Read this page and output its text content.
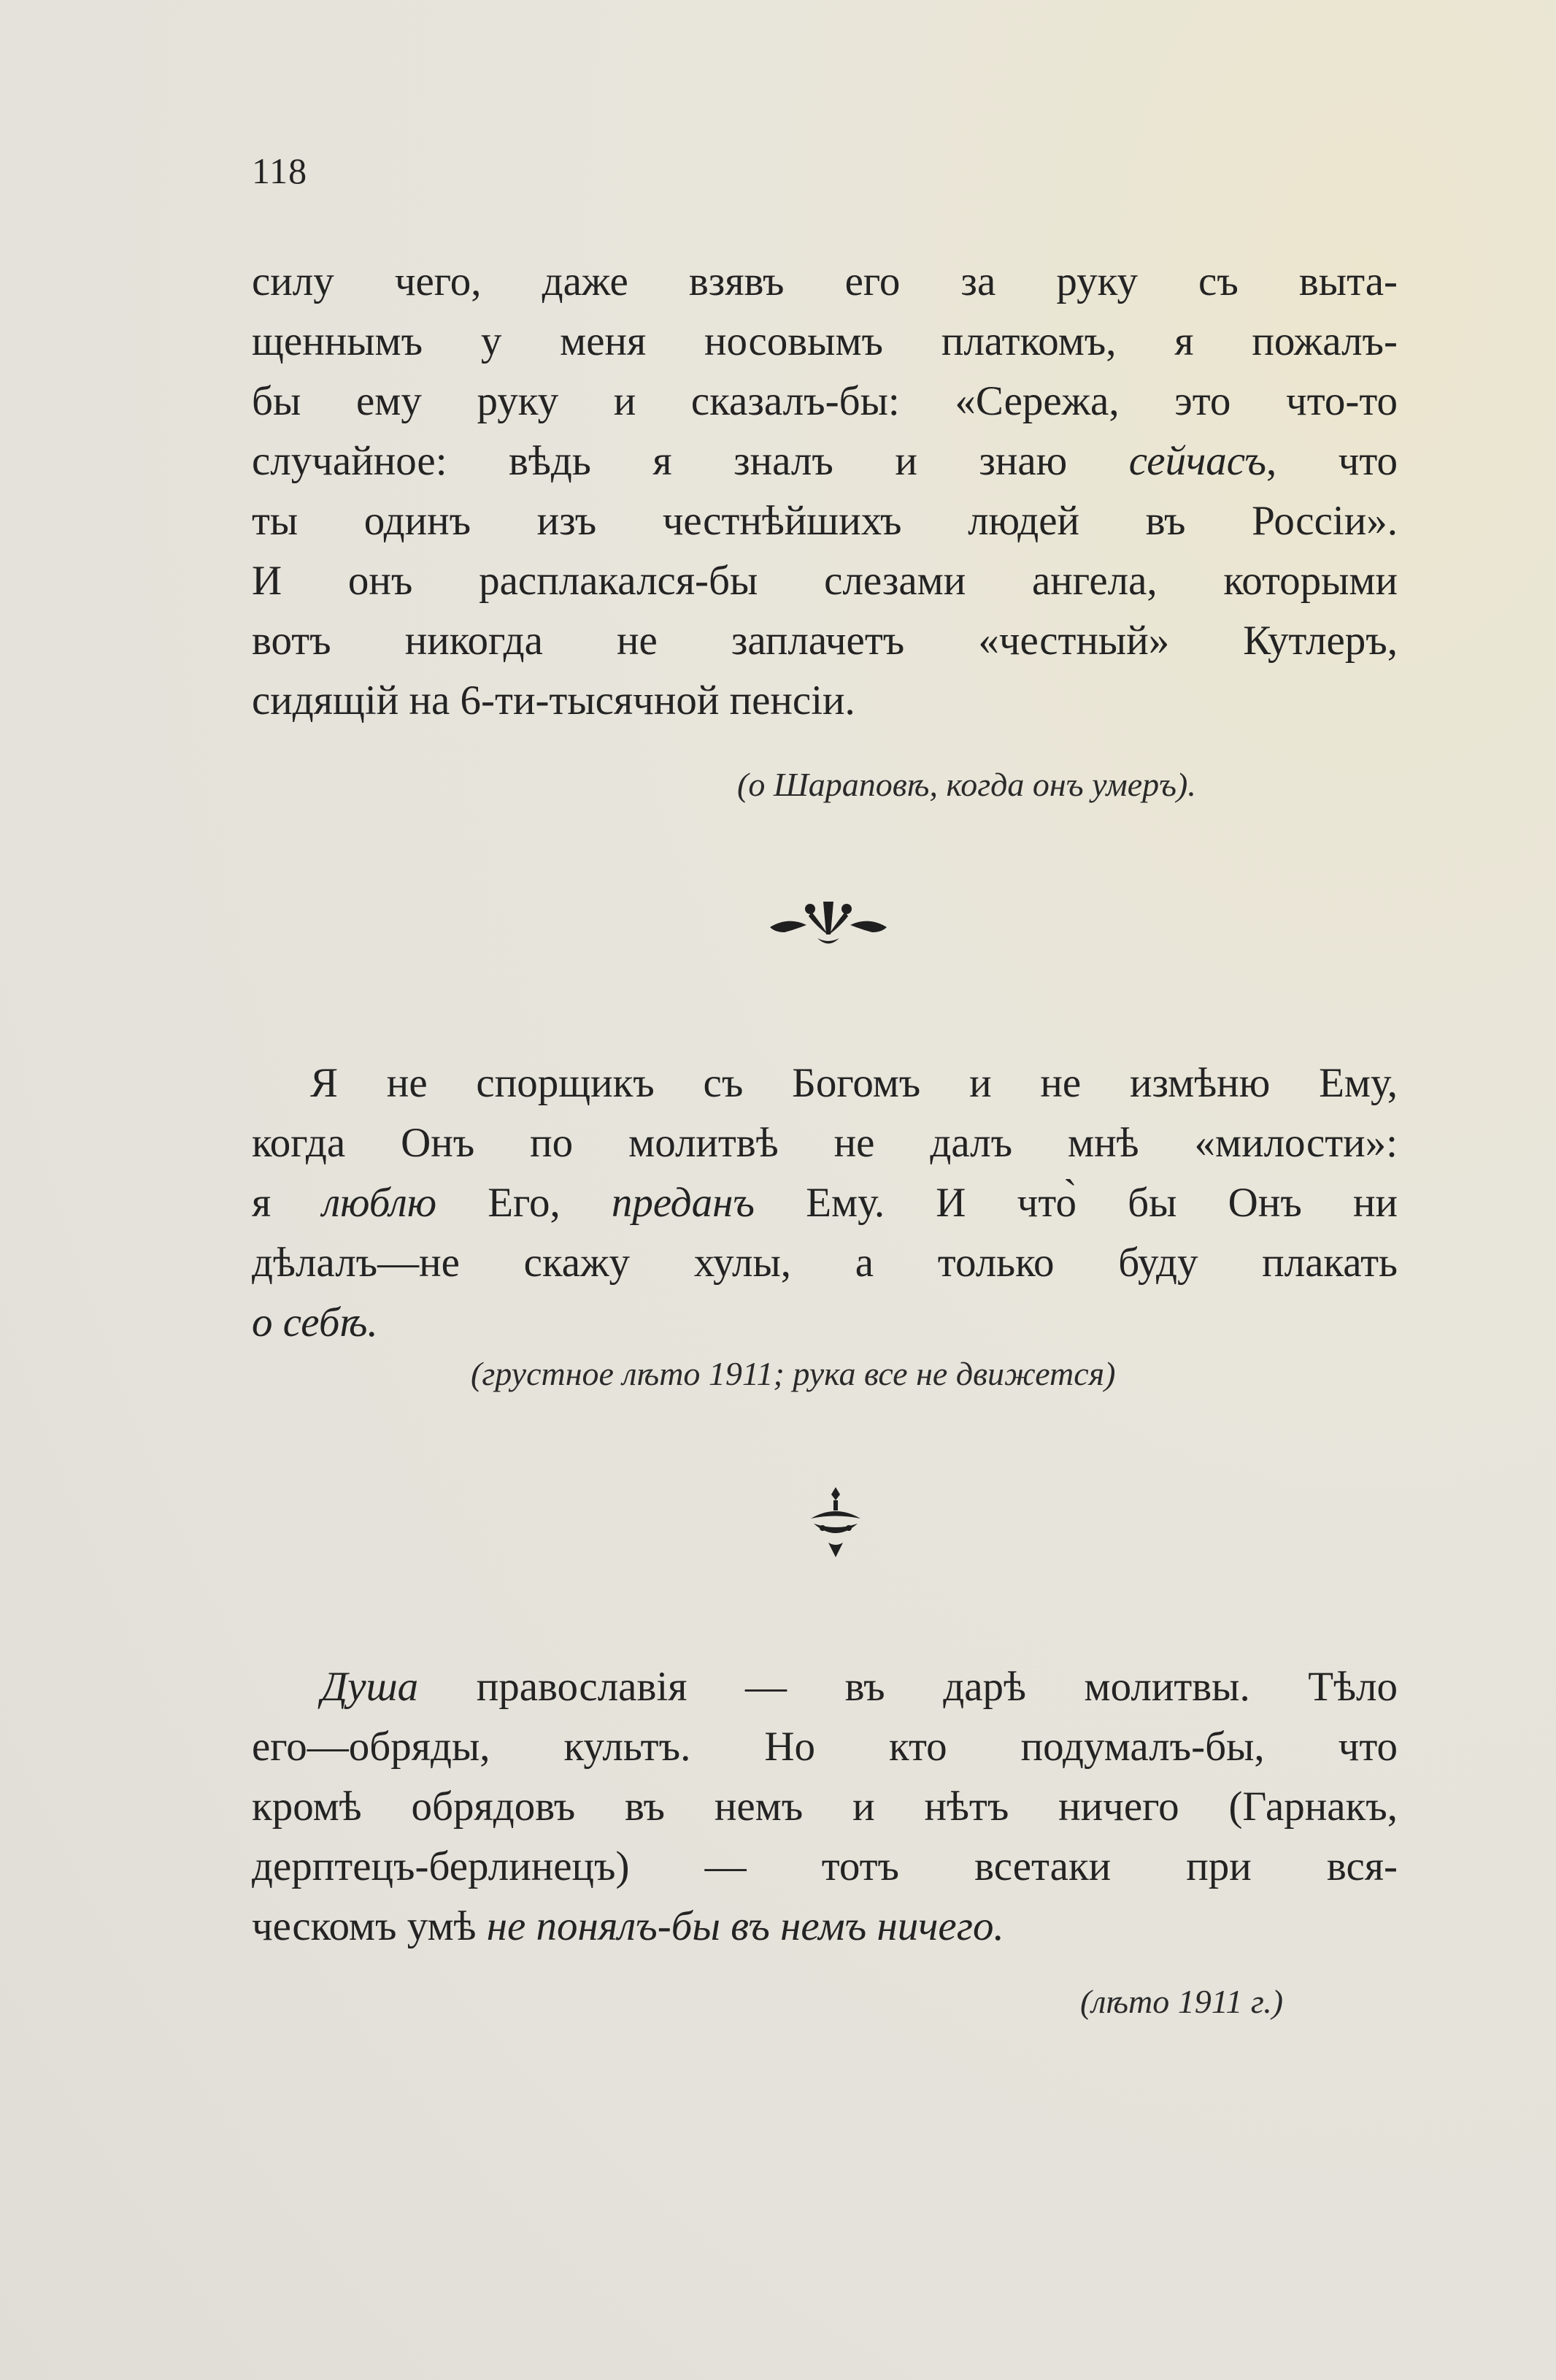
118
силу чего, даже взявъ его за руку съ выта-
щеннымъ у меня носовымъ платкомъ, я пожалъ-
бы ему руку и сказалъ-бы: «Сережа, это что-то
случайное: вѣдь я зналъ и знаю сейчасъ, что
ты одинъ изъ честнѣйшихъ людей въ Россіи».
И онъ расплакался-бы слезами ангела, которыми
вотъ никогда не заплачетъ «честный» Кутлеръ,
сидящій на 6-ти-тысячной пенсіи.
(о Шараповѣ, когда онъ умеръ).
Я не спорщикъ съ Богомъ и не измѣню Ему,
когда Онъ по молитвѣ не далъ мнѣ «милости»:
я люблю Его, преданъ Ему. И что̀ бы Онъ ни
дѣлалъ—не скажу хулы, а только буду плакать
о себѣ.
(грустное лѣто 1911; рука все не движется)
Душа православія — въ дарѣ молитвы. Тѣло
его—обряды, культъ. Но кто подумалъ-бы, что
кромѣ обрядовъ въ немъ и нѣтъ ничего (Гарнакъ,
дерптецъ-берлинецъ) — тотъ всетаки при вся-
ческомъ умѣ не понялъ-бы въ немъ ничего.
(лѣто 1911 г.)
